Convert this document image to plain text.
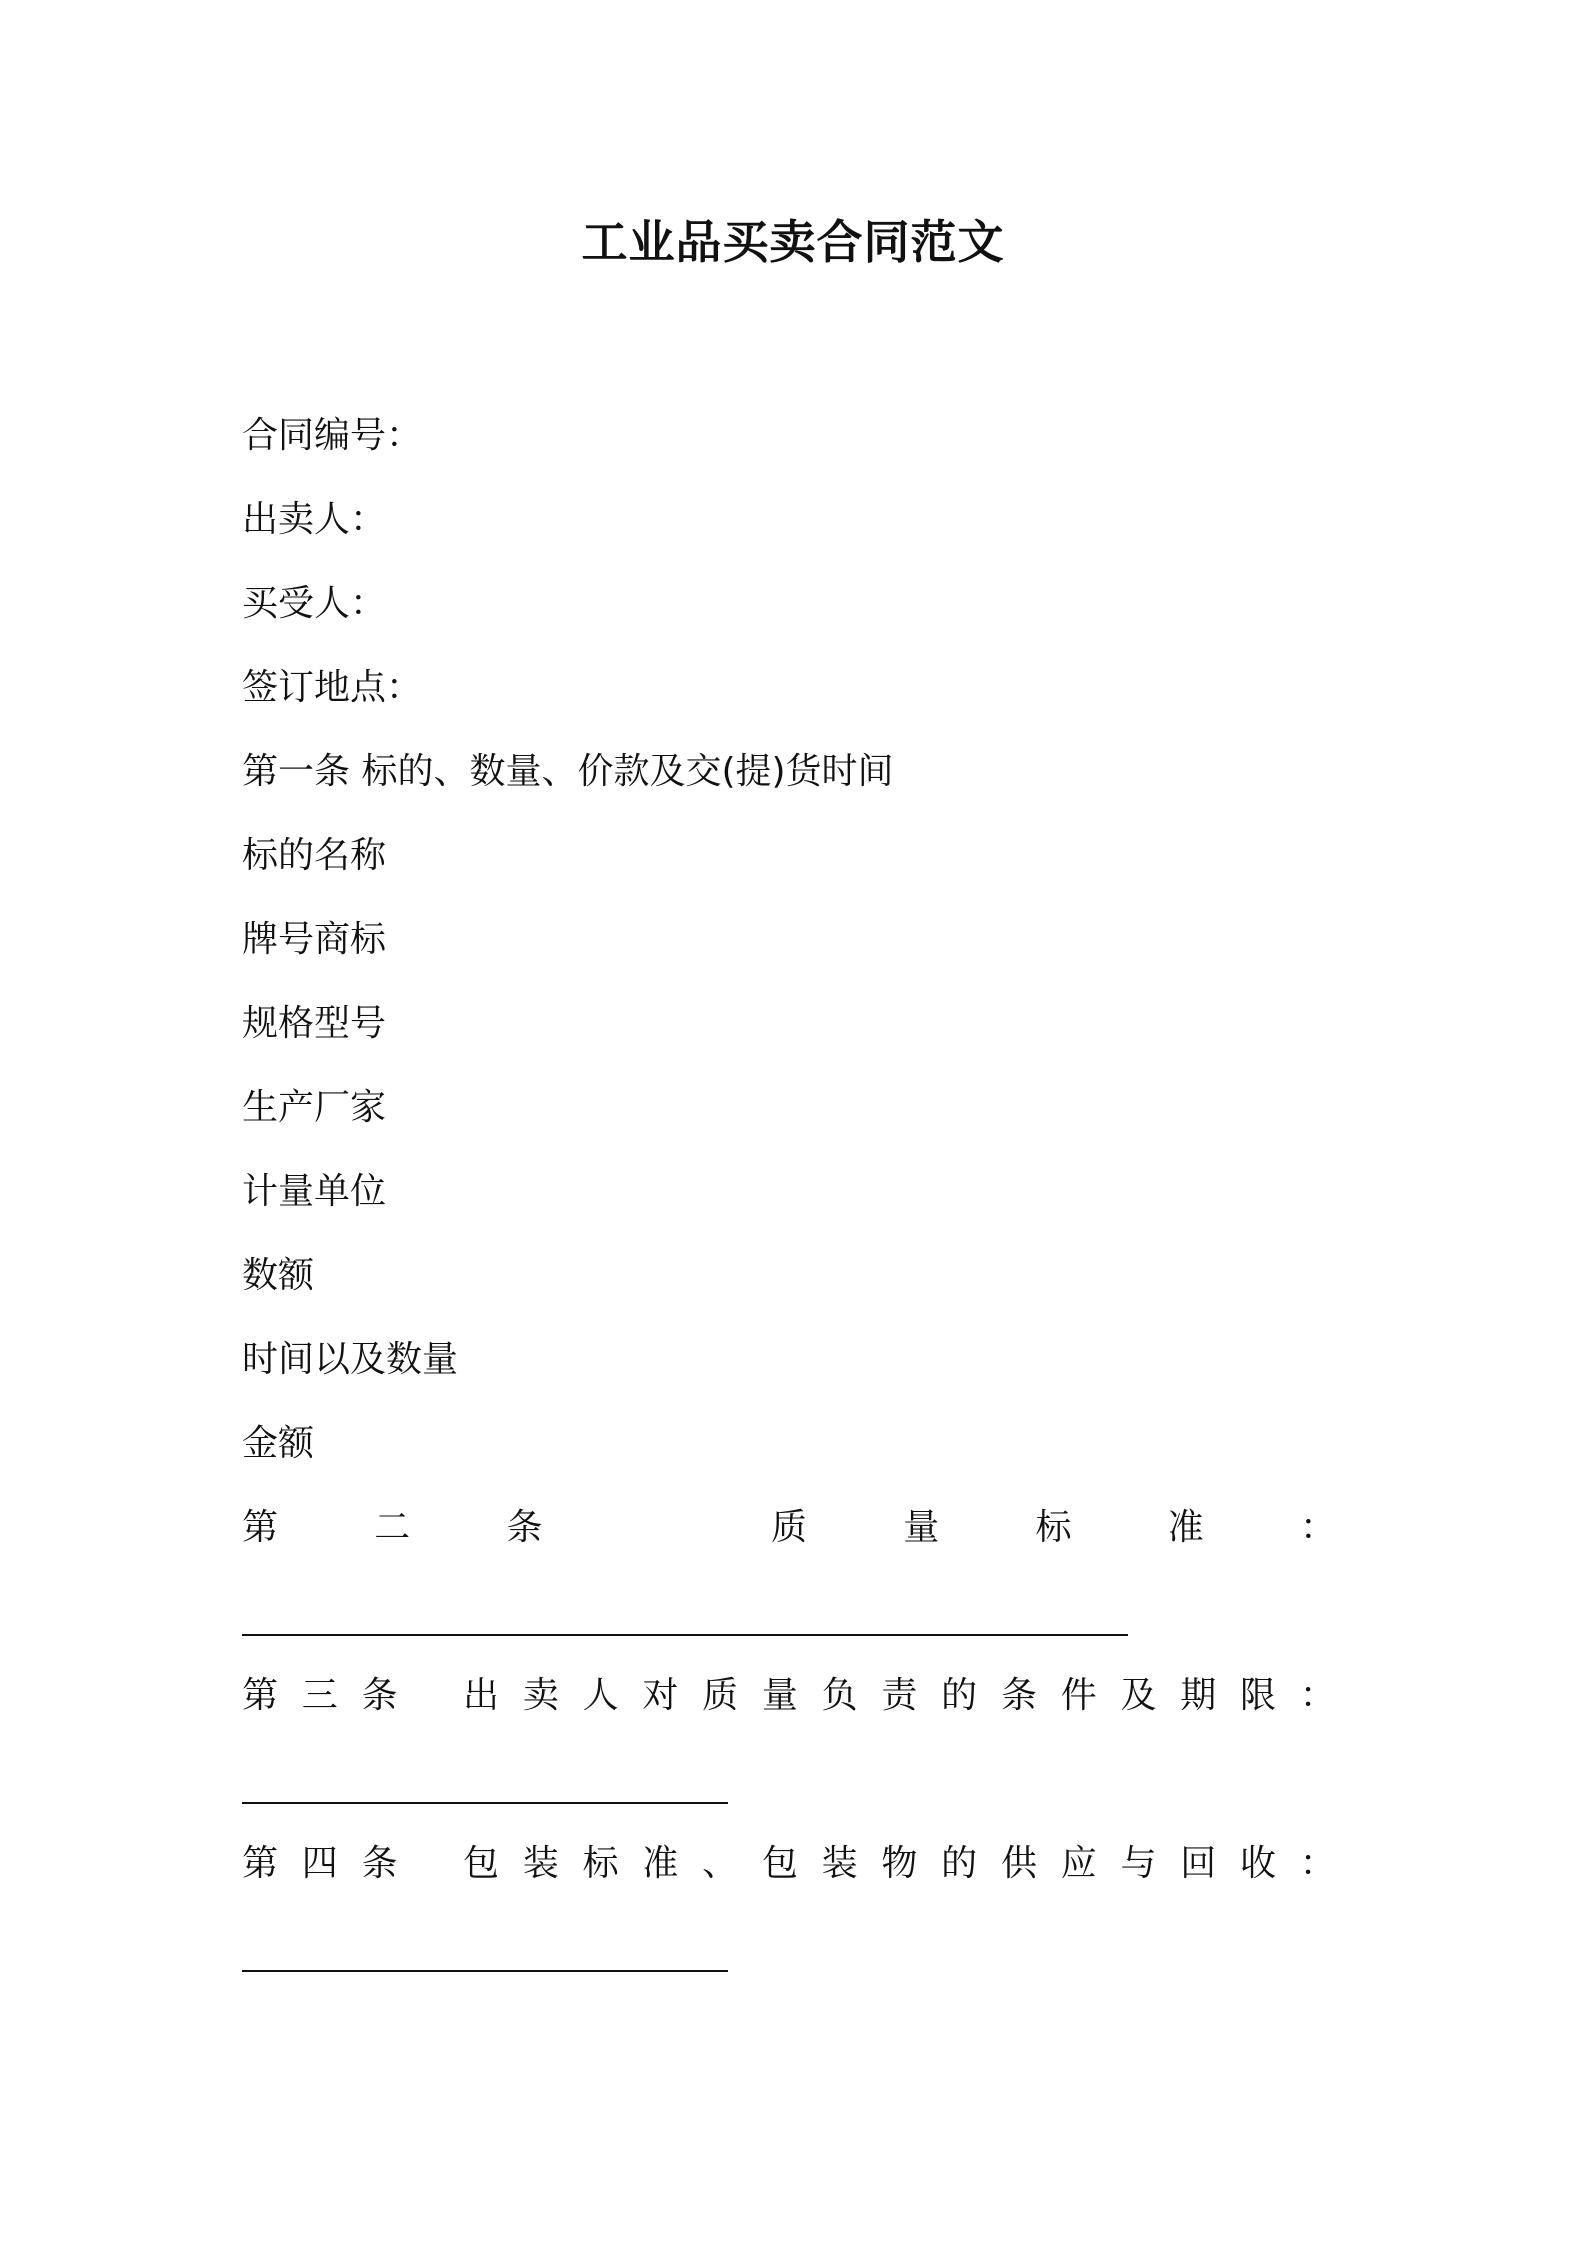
工业品买卖合同范文
合同编号：
出卖人：
买受人：
签订地点：
第一条 标的、数量、价款及交(提)货时间
标的名称
牌号商标
规格型号
生产厂家
计量单位
数额
时间以及数量
金额
第	二	条	质	量	标	准	：
第 三 条 出 卖 人 对 质 量 负 责 的 条 件 及 期 限 ：
第 四 条 包 装 标 准 、 包 装 物 的 供 应 与 回 收 ：
